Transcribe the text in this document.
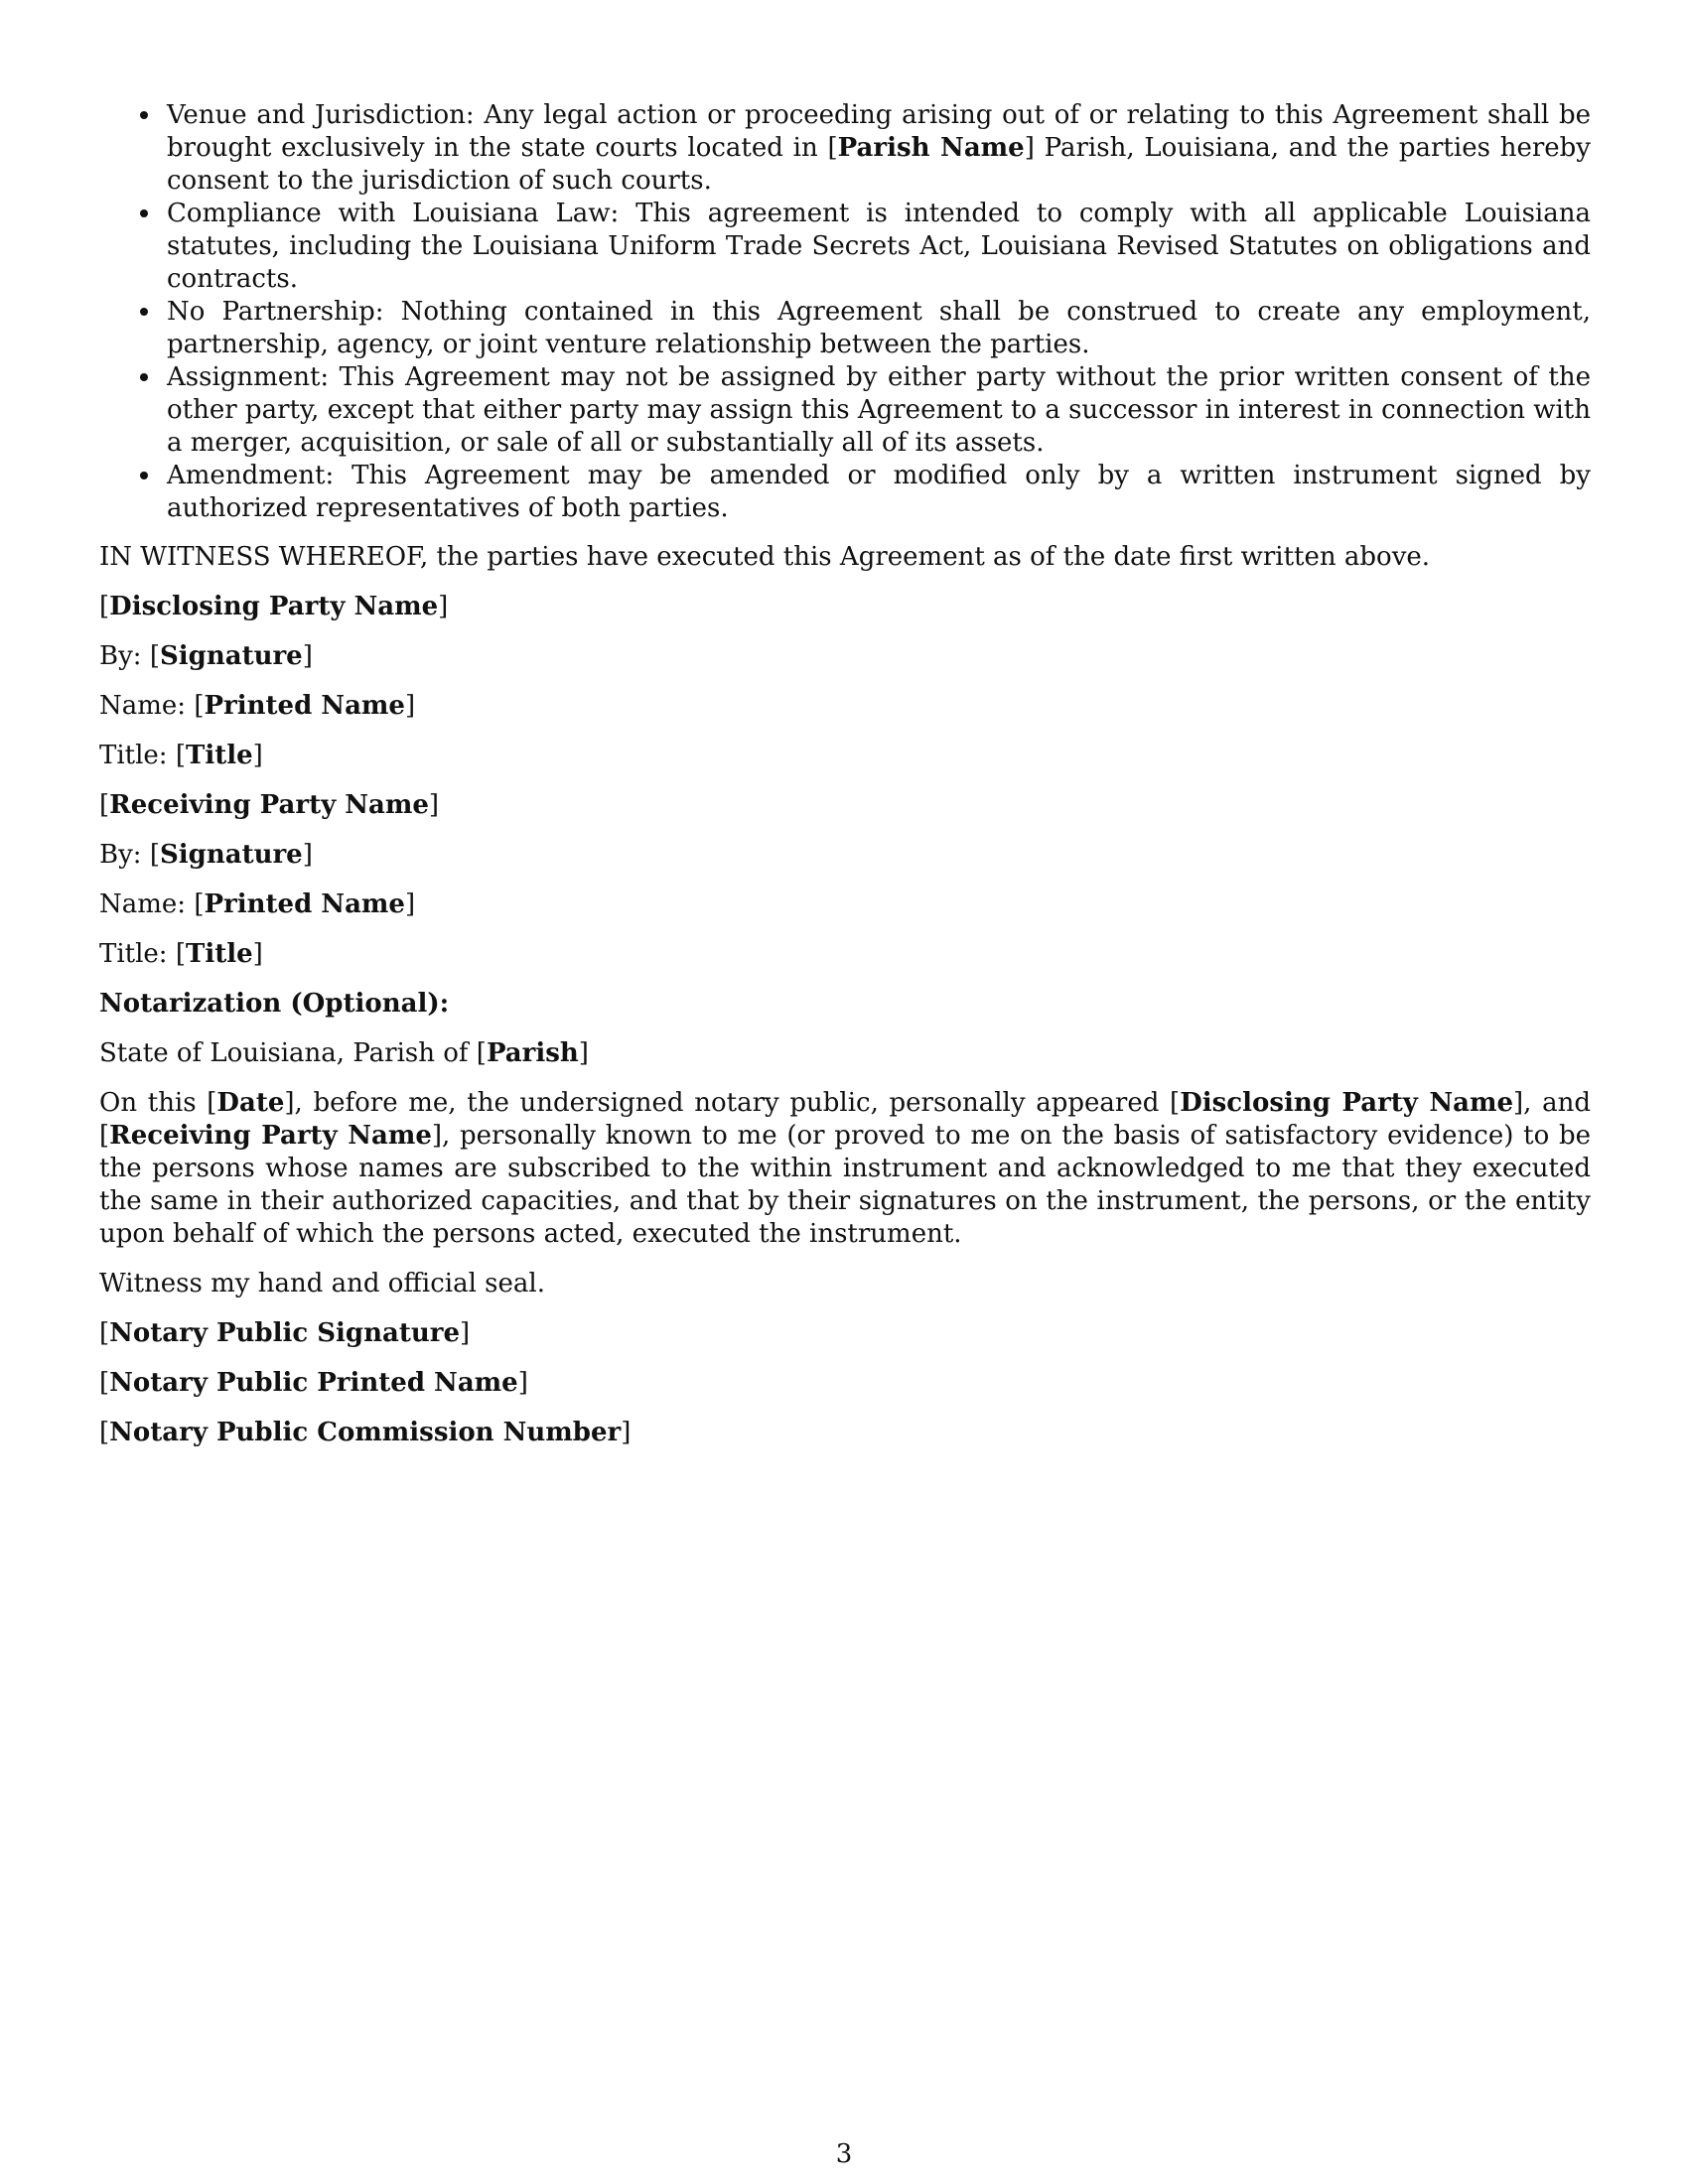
Venue and Jurisdiction: Any legal action or proceeding arising out of or relating to this Agreement shall be brought exclusively in the state courts located in [Parish Name] Parish, Louisiana, and the parties hereby consent to the jurisdiction of such courts.
Compliance with Louisiana Law: This agreement is intended to comply with all applicable Louisiana statutes, including the Louisiana Uniform Trade Secrets Act, Louisiana Revised Statutes on obligations and contracts.
No Partnership: Nothing contained in this Agreement shall be construed to create any employment, partnership, agency, or joint venture relationship between the parties.
Assignment: This Agreement may not be assigned by either party without the prior written consent of the other party, except that either party may assign this Agreement to a successor in interest in connection with a merger, acquisition, or sale of all or substantially all of its assets.
Amendment: This Agreement may be amended or modified only by a written instrument signed by authorized representatives of both parties.

IN WITNESS WHEREOF, the parties have executed this Agreement as of the date first written above.

[Disclosing Party Name]

By: [Signature]

Name: [Printed Name]

Title: [Title]

[Receiving Party Name]

By: [Signature]

Name: [Printed Name]

Title: [Title]

Notarization (Optional):

State of Louisiana, Parish of [Parish]

On this [Date], before me, the undersigned notary public, personally appeared [Disclosing Party Name], and [Receiving Party Name], personally known to me (or proved to me on the basis of satisfactory evidence) to be the persons whose names are subscribed to the within instrument and acknowledged to me that they executed the same in their authorized capacities, and that by their signatures on the instrument, the persons, or the entity upon behalf of which the persons acted, executed the instrument.

Witness my hand and official seal.

[Notary Public Signature]

[Notary Public Printed Name]

[Notary Public Commission Number]

3
